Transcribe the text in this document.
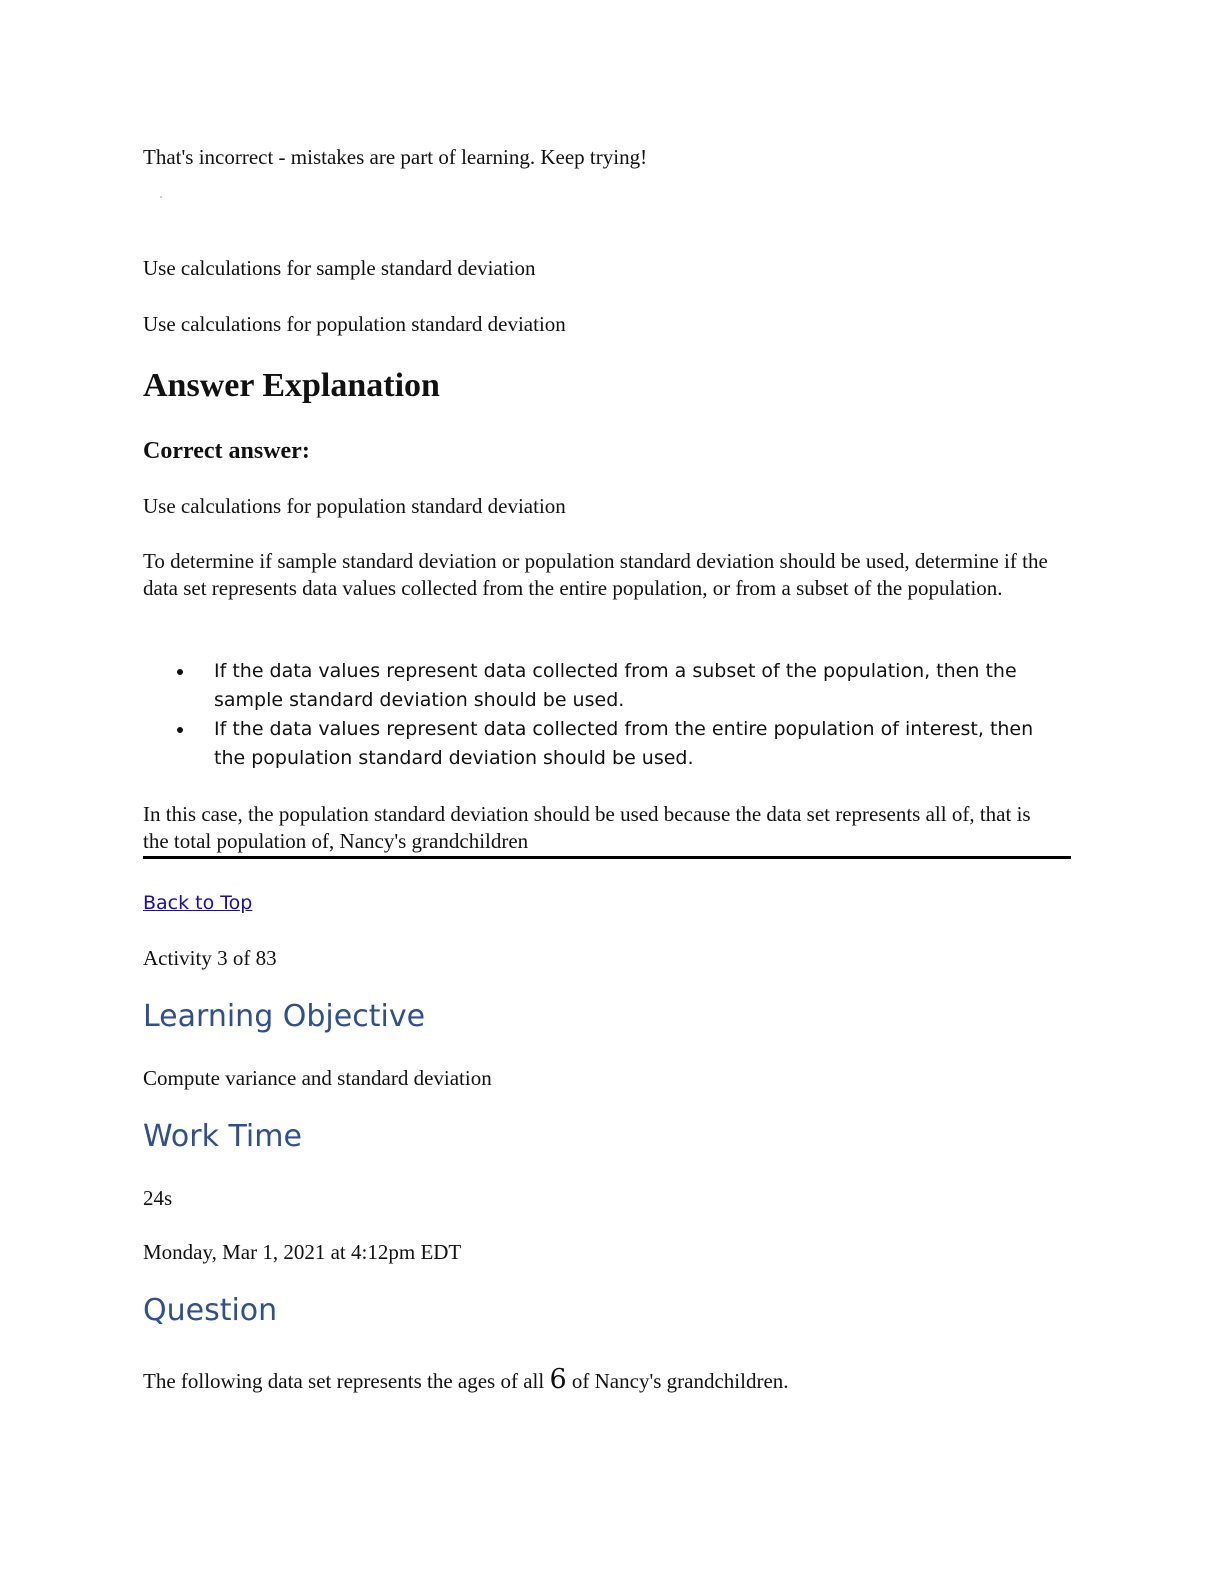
That's incorrect - mistakes are part of learning. Keep trying!

Use calculations for sample standard deviation

Use calculations for population standard deviation

Answer Explanation
Correct answer:

Use calculations for population standard deviation

To determine if sample standard deviation or population standard deviation should be used, determine if the data set represents data values collected from the entire population, or from a subset of the population.

If the data values represent data collected from a subset of the population, then the sample standard deviation should be used.
If the data values represent data collected from the entire population of interest, then the population standard deviation should be used.

In this case, the population standard deviation should be used because the data set represents all of, that is the total population of, Nancy's grandchildren

Back to Top

Activity 3 of 83

Learning Objective

Compute variance and standard deviation

Work Time

24s

Monday, Mar 1, 2021 at 4:12pm EDT

Question

The following data set represents the ages of all 6 of Nancy's grandchildren.
